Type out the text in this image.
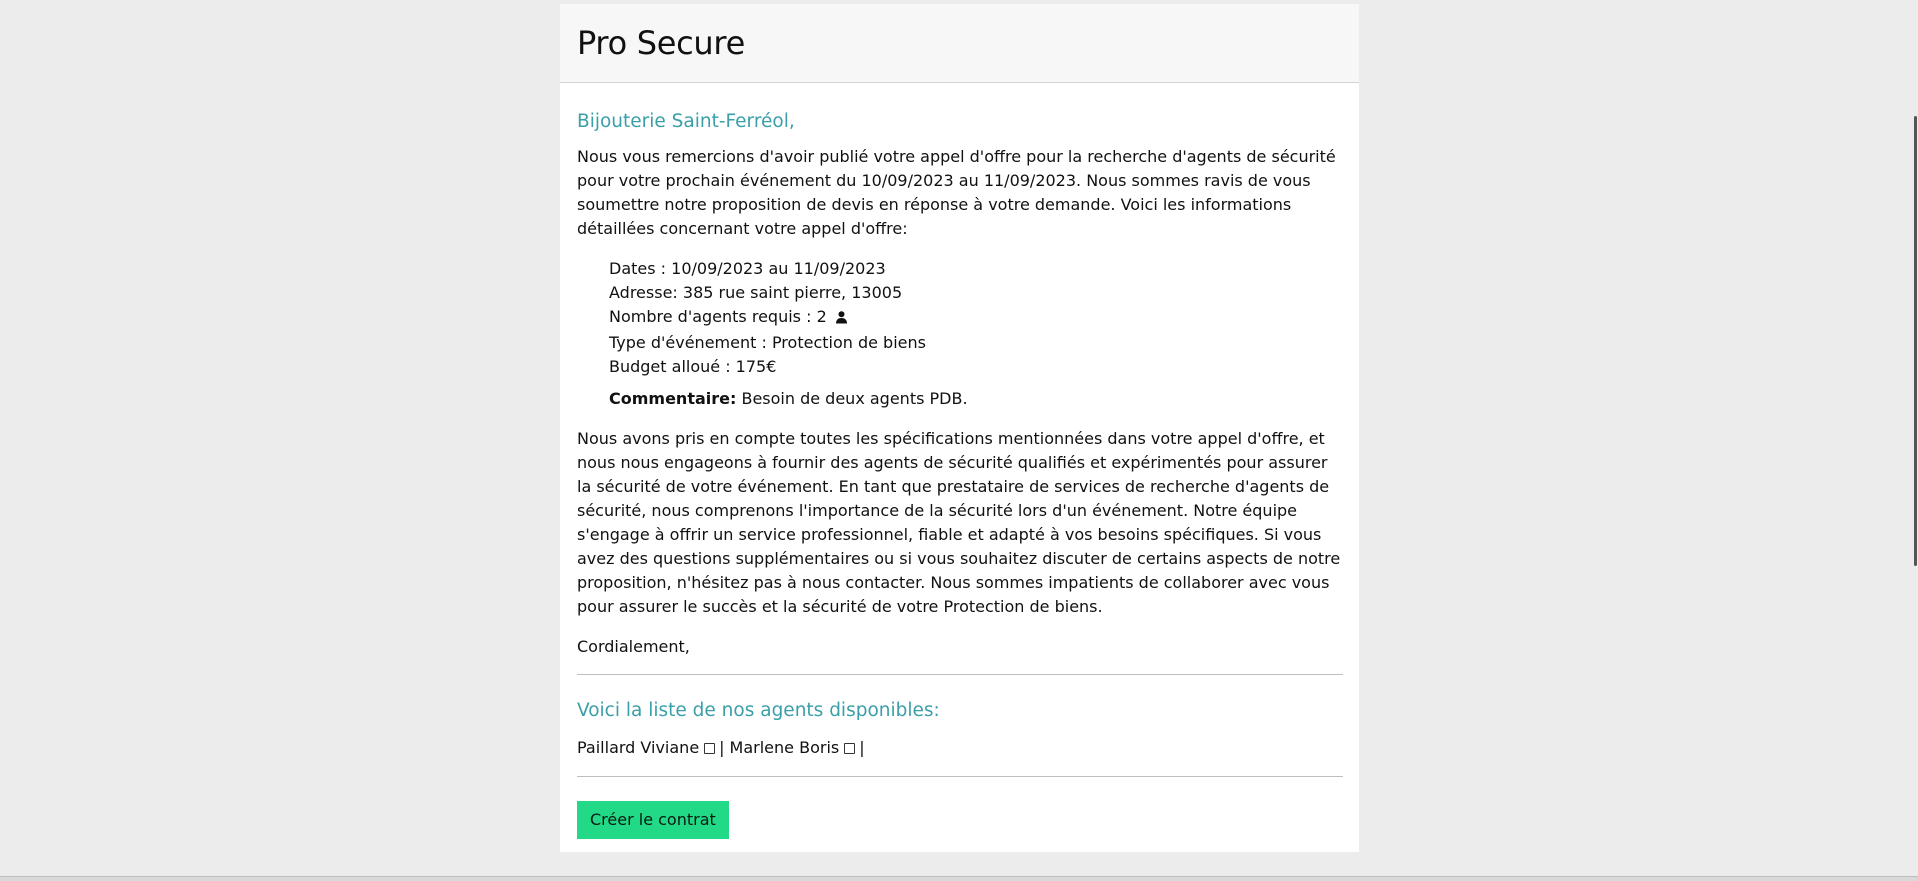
Pro Secure
Bijouterie Saint-Ferréol,

Nous vous remercions d'avoir publié votre appel d'offre pour la recherche d'agents de sécurité pour votre prochain événement du 10/09/2023 au 11/09/2023. Nous sommes ravis de vous soumettre notre proposition de devis en réponse à votre demande. Voici les informations détaillées concernant votre appel d'offre:

Dates : 10/09/2023 au 11/09/2023
Adresse: 385 rue saint pierre, 13005
Nombre d'agents requis : 2
Type d'événement : Protection de biens
Budget alloué : 175€

Commentaire: Besoin de deux agents PDB.

Nous avons pris en compte toutes les spécifications mentionnées dans votre appel d'offre, et nous nous engageons à fournir des agents de sécurité qualifiés et expérimentés pour assurer la sécurité de votre événement. En tant que prestataire de services de recherche d'agents de sécurité, nous comprenons l'importance de la sécurité lors d'un événement. Notre équipe s'engage à offrir un service professionnel, fiable et adapté à vos besoins spécifiques. Si vous avez des questions supplémentaires ou si vous souhaitez discuter de certains aspects de notre proposition, n'hésitez pas à nous contacter. Nous sommes impatients de collaborer avec vous pour assurer le succès et la sécurité de votre Protection de biens.

Cordialement,

Voici la liste de nos agents disponibles:
Paillard Viviane | Marlene Boris |
Créer le contrat
